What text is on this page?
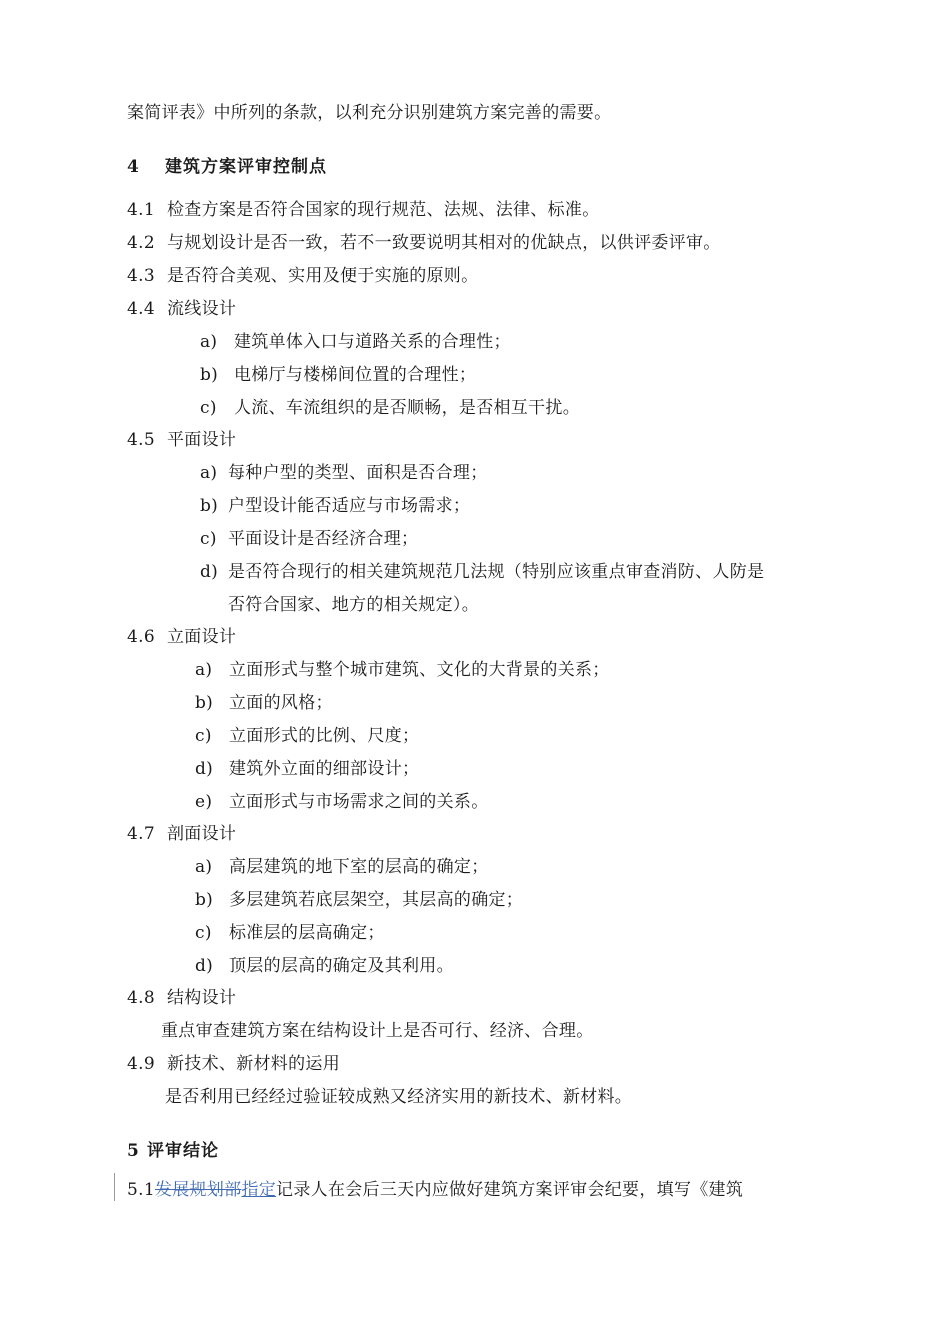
案简评表》中所列的条款，以利充分识别建筑方案完善的需要。
4 建筑方案评审控制点
4.1 检查方案是否符合国家的现行规范、法规、法律、标准。
4.2 与规划设计是否一致，若不一致要说明其相对的优缺点，以供评委评审。
4.3 是否符合美观、实用及便于实施的原则。
4.4 流线设计
a) 建筑单体入口与道路关系的合理性；
b) 电梯厅与楼梯间位置的合理性；
c) 人流、车流组织的是否顺畅，是否相互干扰。
4.5 平面设计
a) 每种户型的类型、面积是否合理；
b) 户型设计能否适应与市场需求；
c) 平面设计是否经济合理；
d) 是否符合现行的相关建筑规范几法规（特别应该重点审查消防、人防是
否符合国家、地方的相关规定）。
4.6 立面设计
a) 立面形式与整个城市建筑、文化的大背景的关系；
b) 立面的风格；
c) 立面形式的比例、尺度；
d) 建筑外立面的细部设计；
e) 立面形式与市场需求之间的关系。
4.7 剖面设计
a) 高层建筑的地下室的层高的确定；
b) 多层建筑若底层架空，其层高的确定；
c) 标准层的层高确定；
d) 顶层的层高的确定及其利用。
4.8 结构设计
重点审查建筑方案在结构设计上是否可行、经济、合理。
4.9 新技术、新材料的运用
是否利用已经经过验证较成熟又经济实用的新技术、新材料。
5 评审结论
5.1发展规划部指定记录人在会后三天内应做好建筑方案评审会纪要，填写《建筑
